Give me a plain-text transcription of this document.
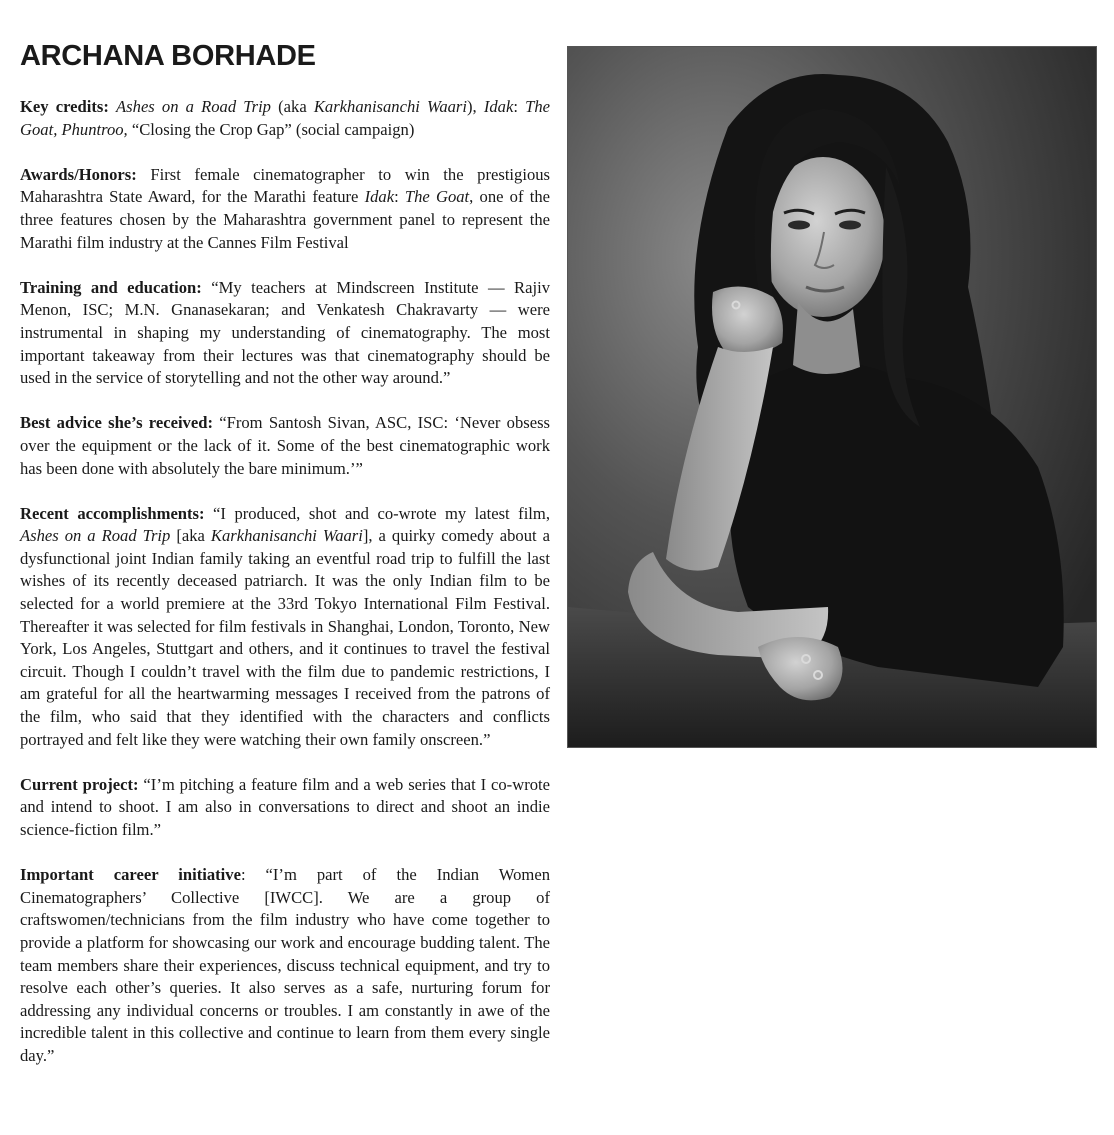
ARCHANA BORHADE

Key credits: Ashes on a Road Trip (aka Karkhanisanchi Waari), Idak: The Goat, Phuntroo, “Closing the Crop Gap” (social campaign)

Awards/Honors: First female cinematographer to win the prestigious Maharashtra State Award, for the Marathi feature Idak: The Goat, one of the three features chosen by the Maharashtra government panel to represent the Marathi film industry at the Cannes Film Festival

Training and education: “My teachers at Mindscreen Institute — Rajiv Menon, ISC; M.N. Gnanasekaran; and Venkatesh Chakravarty — were instrumental in shaping my understanding of cinematography. The most important takeaway from their lectures was that cinematography should be used in the service of storytelling and not the other way around.”

Best advice she’s received: “From Santosh Sivan, ASC, ISC: ‘Never obsess over the equipment or the lack of it. Some of the best cinematographic work has been done with absolutely the bare minimum.’”

Recent accomplishments: “I produced, shot and co-wrote my latest film, Ashes on a Road Trip [aka Karkhanisanchi Waari], a quirky comedy about a dysfunctional joint Indian family taking an eventful road trip to fulfill the last wishes of its recently deceased patriarch. It was the only Indian film to be selected for a world premiere at the 33rd Tokyo International Film Festival. Thereafter it was selected for film festivals in Shanghai, London, Toronto, New York, Los Angeles, Stuttgart and others, and it continues to travel the festival circuit. Though I couldn’t travel with the film due to pandemic restrictions, I am grateful for all the heartwarming messages I received from the patrons of the film, who said that they identified with the characters and conflicts portrayed and felt like they were watching their own family onscreen.”

Current project: “I’m pitching a feature film and a web series that I co-wrote and intend to shoot. I am also in conversations to direct and shoot an indie science-fiction film.”

Important career initiative: “I’m part of the Indian Women Cinematographers’ Collective [IWCC]. We are a group of craftswomen/technicians from the film industry who have come together to provide a platform for showcasing our work and encourage budding talent. The team members share their experiences, discuss technical equipment, and try to resolve each other’s queries. It also serves as a safe, nurturing forum for addressing any individual concerns or troubles. I am constantly in awe of the incredible talent in this collective and continue to learn from them every single day.”
